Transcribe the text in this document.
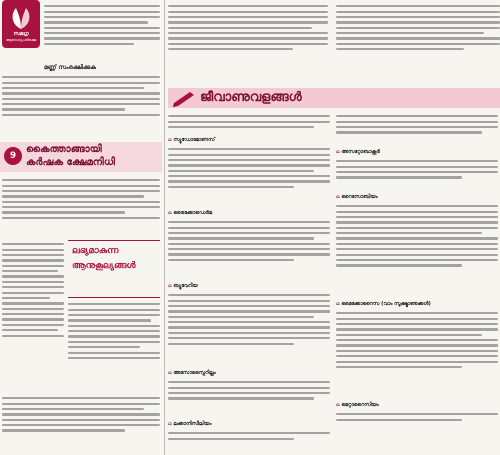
സമഗ്ര
ആരോഗ്യപരിരക്ഷ
മണ്ണ് സംരക്ഷിക്കുക
9
കൈത്താങ്ങായി
കർഷക ക്ഷേമനിധി
ലഭ്യമാകുന്ന
ആനുകൂല്യങ്ങൾ
ജീവാണുവളങ്ങൾ
⌂ സ്യൂഡോമോണസ്
⌂ ട്രൈക്കോഡെർമ
⌂ ബ്യൂവേറിയ
⌂ അസോസ്പൈറില്ലം
⌂ ലക്കാനിസീലിയം
⌂ അസറ്റോബാക്റ്റർ
⌂ റൈസോബിയം
⌂ മൈക്കോറൈസ (വാം സൂക്ഷ്മാണുക്കൾ)
⌂ മെറ്റാറൈസിയം
